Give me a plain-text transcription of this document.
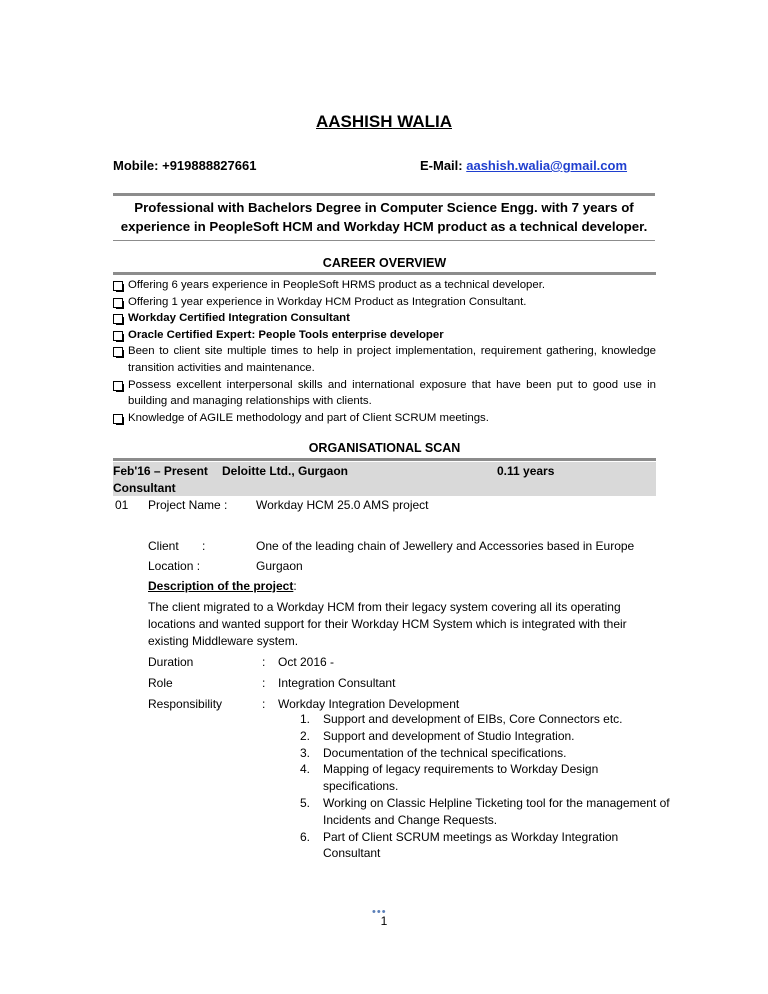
AASHISH WALIA
Mobile: +919888827661	E-Mail: aashish.walia@gmail.com
Professional with Bachelors Degree in Computer Science Engg. with 7 years of
experience in PeopleSoft HCM and Workday HCM product as a technical developer.
CAREER OVERVIEW
Offering 6 years experience in PeopleSoft HRMS product as a technical developer.
Offering 1 year experience in Workday HCM Product as Integration Consultant.
Workday Certified Integration Consultant
Oracle Certified Expert: People Tools enterprise developer
Been to client site multiple times to help in project implementation, requirement gathering, knowledge transition activities and maintenance.
Possess excellent interpersonal skills and international exposure that have been put to good use in building and managing relationships with clients.
Knowledge of AGILE methodology and part of Client SCRUM meetings.
ORGANISATIONAL SCAN
Feb'16 – Present Deloitte Ltd., Gurgaon	0.11 years
Consultant
01 Project Name : Workday HCM 25.0 AMS project
Client :	One of the leading chain of Jewellery and Accessories based in Europe
Location :	Gurgaon
Description of the project:
The client migrated to a Workday HCM from their legacy system covering all its operating locations and wanted support for their Workday HCM System which is integrated with their existing Middleware system.
Duration	: Oct 2016 -
Role	: Integration Consultant
Responsibility	: Workday Integration Development
1. Support and development of EIBs, Core Connectors etc.
2. Support and development of Studio Integration.
3. Documentation of the technical specifications.
4. Mapping of legacy requirements to Workday Design specifications.
5. Working on Classic Helpline Ticketing tool for the management of Incidents and Change Requests.
6. Part of Client SCRUM meetings as Workday Integration Consultant
•••
1
